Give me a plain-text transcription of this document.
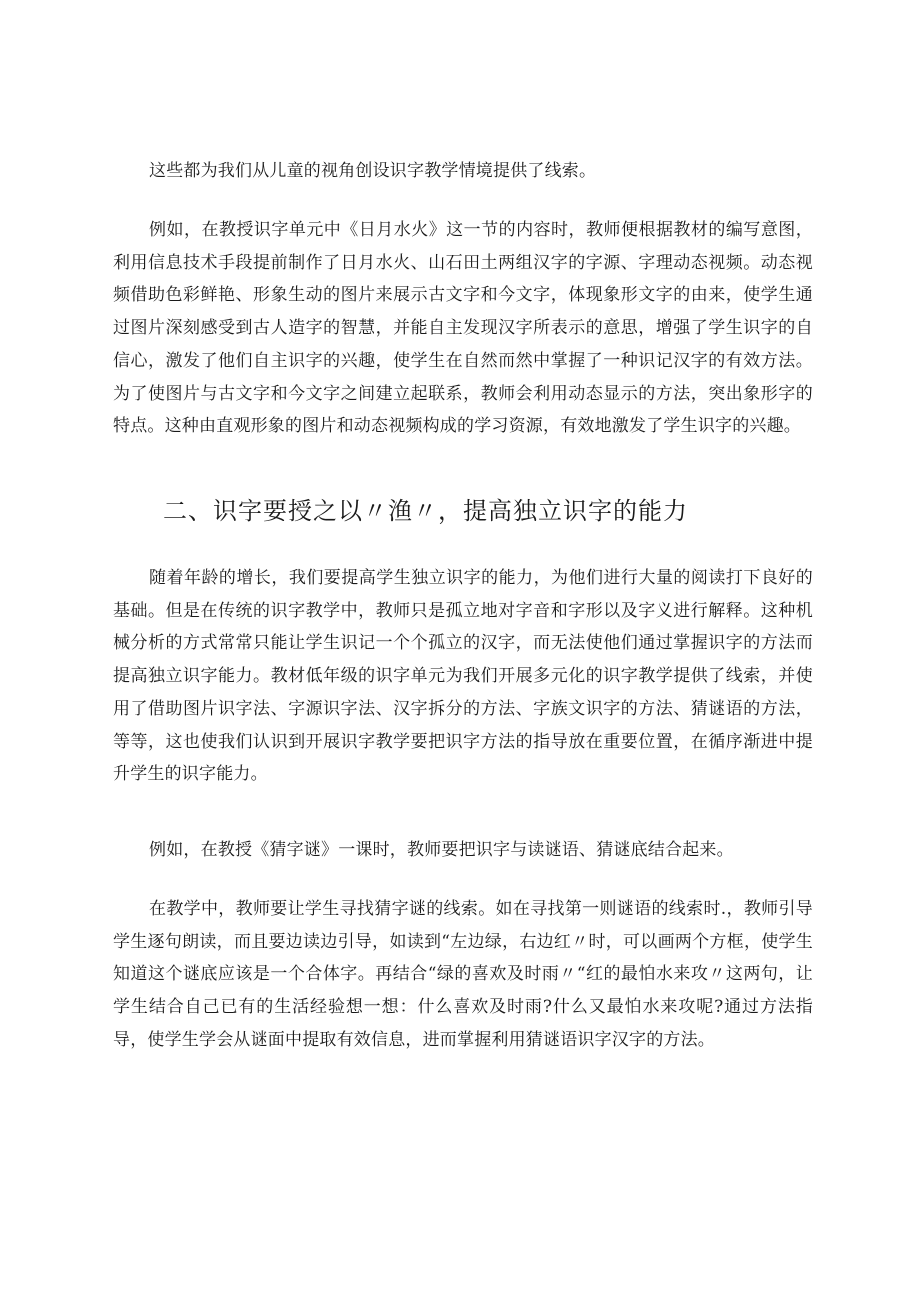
这些都为我们从儿童的视角创设识字教学情境提供了线索。

例如，在教授识字单元中《日月水火》这一节的内容时，教师便根据教材的编写意图，利用信息技术手段提前制作了日月水火、山石田土两组汉字的字源、字理动态视频。动态视频借助色彩鲜艳、形象生动的图片来展示古文字和今文字，体现象形文字的由来，使学生通过图片深刻感受到古人造字的智慧，并能自主发现汉字所表示的意思，增强了学生识字的自信心，激发了他们自主识字的兴趣，使学生在自然而然中掌握了一种识记汉字的有效方法。为了使图片与古文字和今文字之间建立起联系，教师会利用动态显示的方法，突出象形字的特点。这种由直观形象的图片和动态视频构成的学习资源，有效地激发了学生识字的兴趣。

二、识字要授之以〃渔〃，提高独立识字的能力

随着年龄的增长，我们要提高学生独立识字的能力，为他们进行大量的阅读打下良好的基础。但是在传统的识字教学中，教师只是孤立地对字音和字形以及字义进行解释。这种机械分析的方式常常只能让学生识记一个个孤立的汉字，而无法使他们通过掌握识字的方法而提高独立识字能力。教材低年级的识字单元为我们开展多元化的识字教学提供了线索，并使用了借助图片识字法、字源识字法、汉字拆分的方法、字族文识字的方法、猜谜语的方法，等等，这也使我们认识到开展识字教学要把识字方法的指导放在重要位置，在循序渐进中提升学生的识字能力。

例如，在教授《猜字谜》一课时，教师要把识字与读谜语、猜谜底结合起来。

在教学中，教师要让学生寻找猜字谜的线索。如在寻找第一则谜语的线索时.，教师引导学生逐句朗读，而且要边读边引导，如读到“左边绿，右边红〃时，可以画两个方框，使学生知道这个谜底应该是一个合体字。再结合“绿的喜欢及时雨〃“红的最怕水来攻〃这两句，让学生结合自己已有的生活经验想一想：什么喜欢及时雨?什么又最怕水来攻呢?通过方法指导，使学生学会从谜面中提取有效信息，进而掌握利用猜谜语识字汉字的方法。
